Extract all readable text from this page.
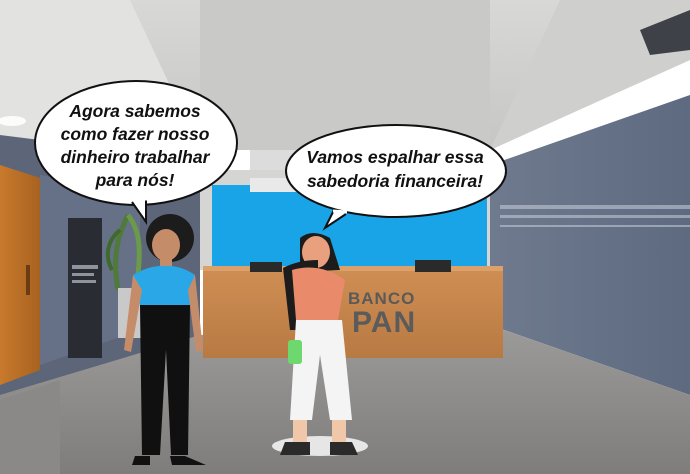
BANCO
PAN
Agora sabemos
como fazer nosso
dinheiro trabalhar
para nós!
Vamos espalhar essa
sabedoria financeira!
